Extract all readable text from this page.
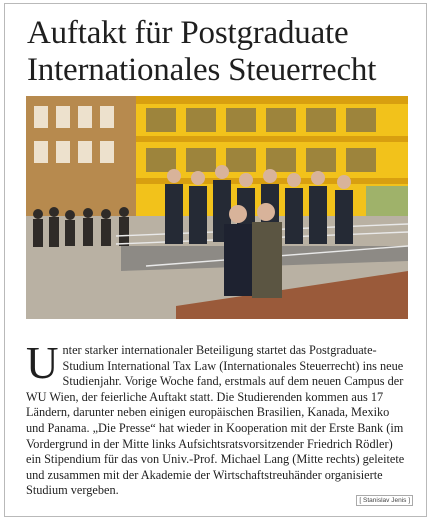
Auftakt für Postgraduate
Internationales Steuerrecht

Unter starker internationaler Beteiligung startet das Postgraduate-Studium International Tax Law (Internationales Steuerrecht) ins neue Studienjahr. Vorige Woche fand, erstmals auf dem neuen Campus der WU Wien, der feierliche Auftakt statt. Die Studierenden kommen aus 17 Ländern, darunter neben einigen europäischen Brasilien, Kanada, Mexiko und Panama. „Die Presse“ hat wieder in Kooperation mit der Erste Bank (im Vordergrund in der Mitte links Aufsichtsratsvorsitzender Friedrich Rödler) ein Stipendium für das von Univ.-Prof. Michael Lang (Mitte rechts) geleitete und zusammen mit der Akademie der Wirtschaftstreuhänder organisierte Studium vergeben.

[ Stanislav Jenis ]
